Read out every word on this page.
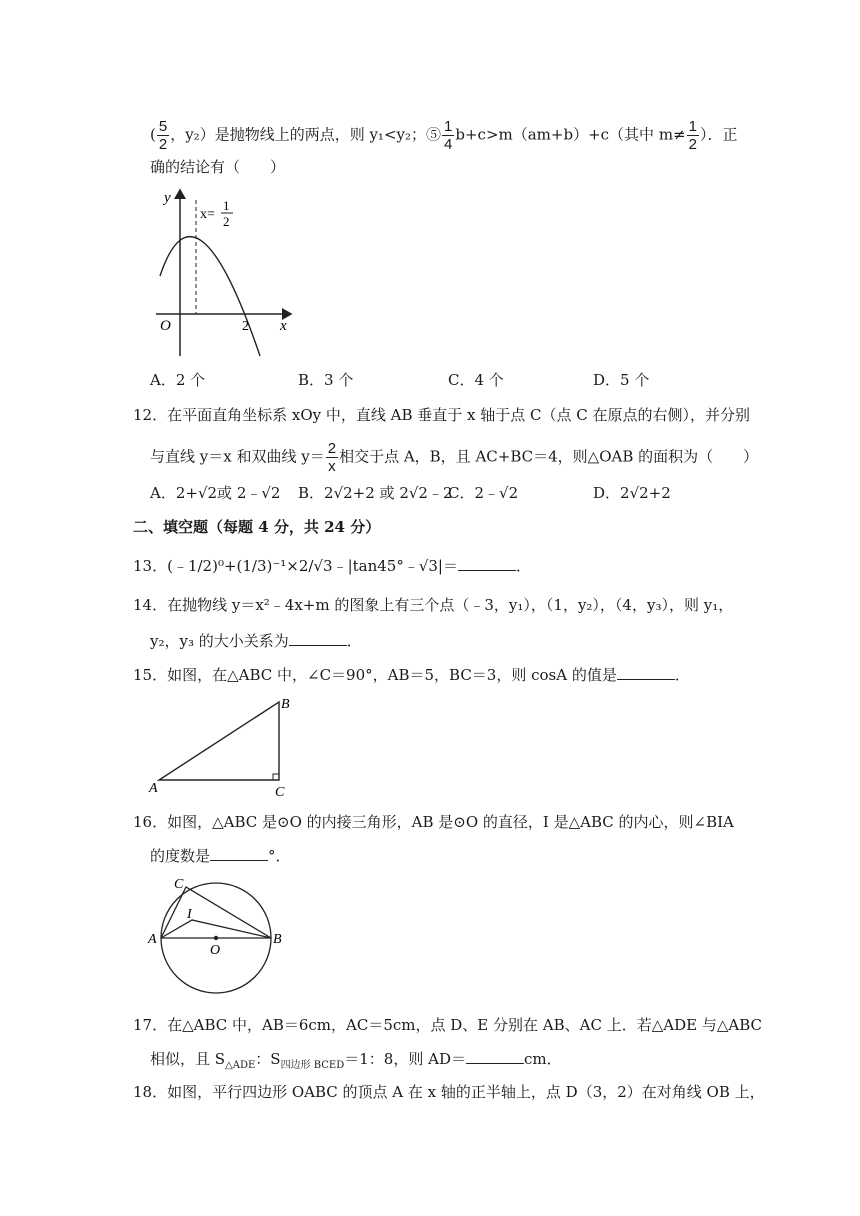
( $\frac{5}{2}$ ，y₂）是抛物线上的两点，则 y₁<y₂；⑤ $\frac{1}{4} b+c>m(am+b)+c$（其中 $m\ne \frac{1}{2}$ ）．正
确的结论有（　　）
y
x
O	2
x=
1
2
A．2 个	B．3 个	C．4 个	D．5 个
12．在平面直角坐标系 xOy 中，直线 AB 垂直于 x 轴于点 C（点 C 在原点的右侧），并分别
与直线 y＝x 和双曲线 $y= \frac{2}{x}$ 相交于点 A，B，且 AC+BC＝4，则△OAB 的面积为（　　）
A．2+√2或 2﹣√2 B．2√2+2 或 2√2﹣2
C．2﹣√2	D．2√2+2
二、填空题（每题 4 分，共 24 分）
13．(﹣1/2)⁰+(1/3)⁻¹×2/√3﹣|tan45°﹣√3|＝	．
14．在抛物线 y＝x²﹣4x+m 的图象上有三个点（﹣3，y₁），（1，y₂），（4，y₃），则 y₁，
y₂，y₃ 的大小关系为	．
15．如图，在△ABC 中，∠C＝90°，AB＝5，BC＝3，则 cosA 的值是	．
A
B
C
16．如图，△ABC 是⊙O 的内接三角形，AB 是⊙O 的直径，I 是△ABC 的内心，则∠BIA
的度数是	°．
A	B
C
I
O
17．在△ABC 中，AB＝6cm，AC＝5cm，点 D、E 分别在 AB、AC 上．若△ADE 与△ABC
相似，且 $S_{\triangle ADE}$：$S_{四边形 BCED}=1$：8，则 AD＝	cm．
18．如图，平行四边形 OABC 的顶点 A 在 x 轴的正半轴上，点 D（3，2）在对角线 OB 上，
